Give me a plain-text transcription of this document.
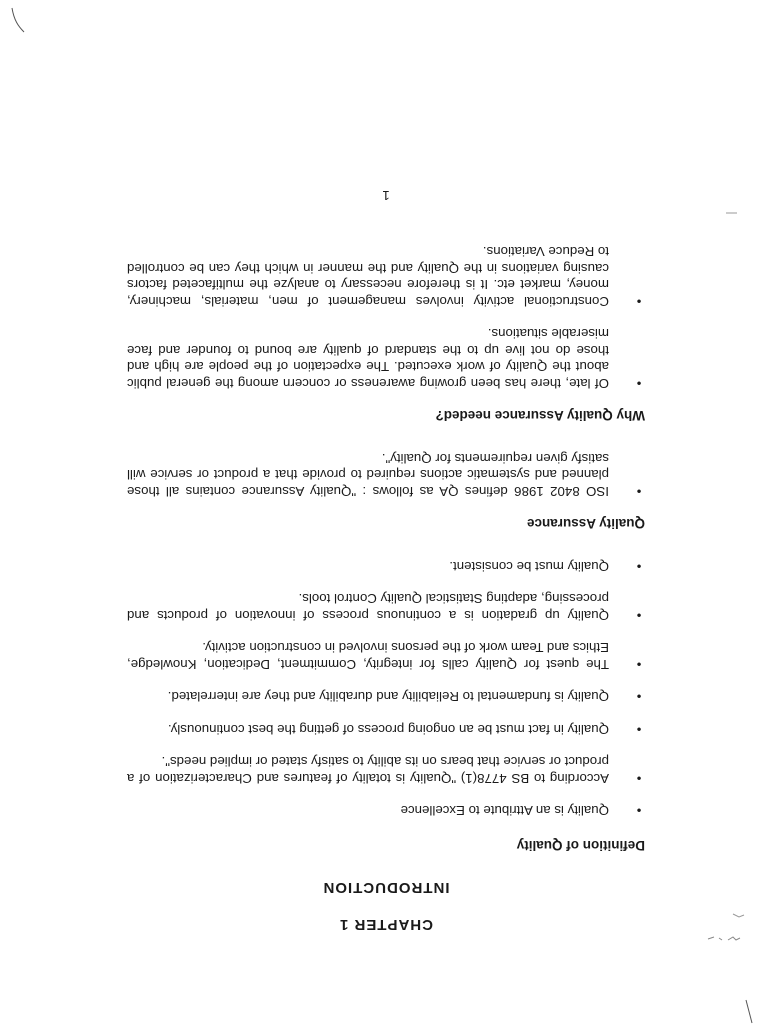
CHAPTER 1

INTRODUCTION

Definition of Quality

•
Quality is an Attribute to Excellence
•
According to BS 4778(1) "Quality is totality of features and Characterization of a product or service that bears on its ability to satisfy stated or implied needs".
•
Quality in fact must be an ongoing process of getting the best continuously.
•
Quality is fundamental to Reliability and durability and they are interrelated.
•
The quest for Quality calls for integrity, Commitment, Dedication, Knowledge, Ethics and Team work of the persons involved in construction activity.
•
Quality up gradation is a continuous process of innovation of products and processing, adapting Statistical Quality Control tools.
•
Quality must be consistent.

Quality Assurance

•
ISO 8402 1986 defines QA as follows : "Quality Assurance contains all those planned and systematic actions required to provide that a product or service will satisfy given requirements for Quality".

Why Quality Assurance needed?

•
Of late, there has been growing awareness or concern among the general public about the Quality of work executed. The expectation of the people are high and those do not live up to the standard of quality are bound to founder and face miserable situations.
•
Constructional activity involves management of men, materials, machinery, money, market etc. It is therefore necessary to analyze the multifaceted factors causing variations in the Quality and the manner in which they can be controlled to Reduce Variations.

1
